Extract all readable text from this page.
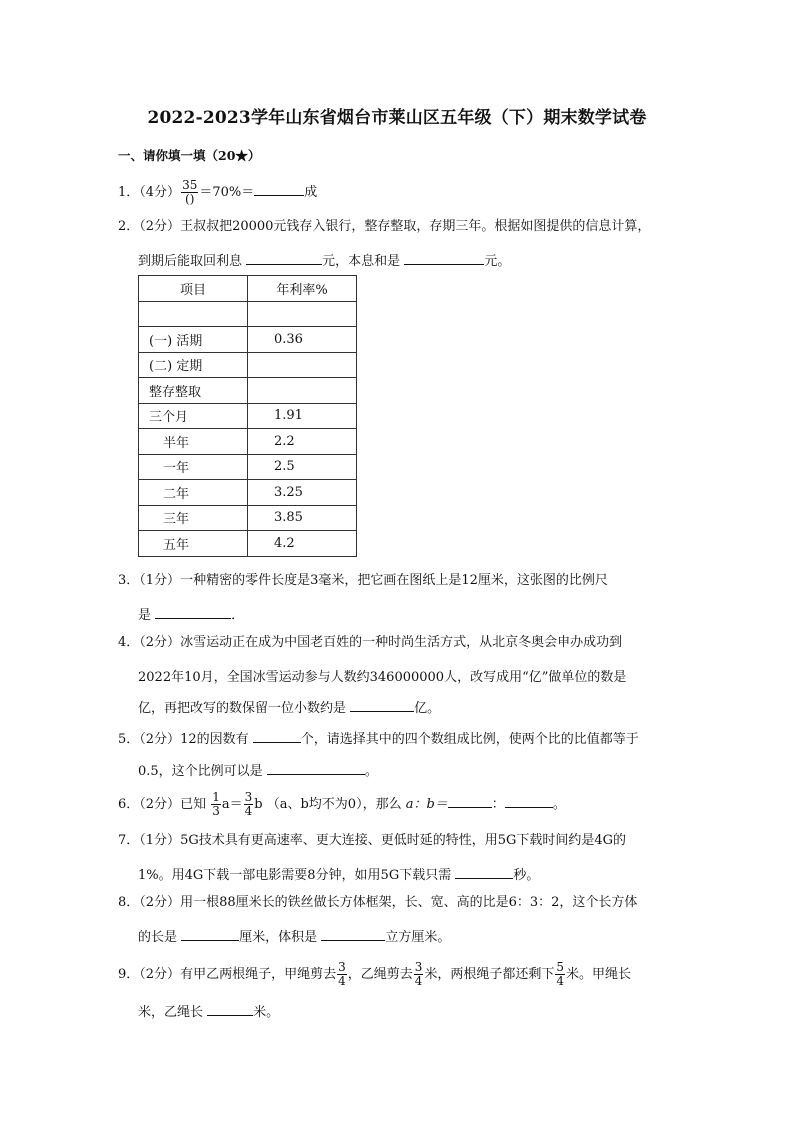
2022-2023学年山东省烟台市莱山区五年级（下）期末数学试卷
一、请你填一填（20★）
1．（4分） $\frac{35}{()} =70\%=$	成
2．（2分）王叔叔把20000元钱存入银行，整存整取，存期三年。根据如图提供的信息计算，
到期后能取回利息	元，本息和是	元。
项目	年利率%

(一) 活期	0.36
(二) 定期	
整存整取	
三个月	1.91
半年	2.2
一年	2.5
二年	3.25
三年	3.85
五年	4.2
3．（1分）一种精密的零件长度是3毫米，把它画在图纸上是12厘米，这张图的比例尺
是	．
4．（2分）冰雪运动正在成为中国老百姓的一种时尚生活方式，从北京冬奥会申办成功到
2022年10月，全国冰雪运动参与人数约346000000人，改写成用“亿”做单位的数是
亿，再把改写的数保留一位小数约是	亿。
5．（2分）12的因数有	个，请选择其中的四个数组成比例，使两个比的比值都等于
0.5，这个比例可以是	。
6．（2分）已知 $\frac{1}{3} a= \frac{3}{4}$ b （a、b均不为0），那么 a：b＝	：	。
7．（1分）5G技术具有更高速率、更大连接、更低时延的特性，用5G下载时间约是4G的
1%。用4G下载一部电影需要8分钟，如用5G下载只需	秒。
8．（2分）用一根88厘米长的铁丝做长方体框架，长、宽、高的比是6：3：2，这个长方体
的长是	厘米，体积是	立方厘米。
9．（2分）有甲乙两根绳子，甲绳剪去 $\frac{3}{4}$ ，乙绳剪去 $\frac{3}{4}$ 米，两根绳子都还剩下 $\frac{5}{4}$ 米。甲绳长
米，乙绳长	米。
